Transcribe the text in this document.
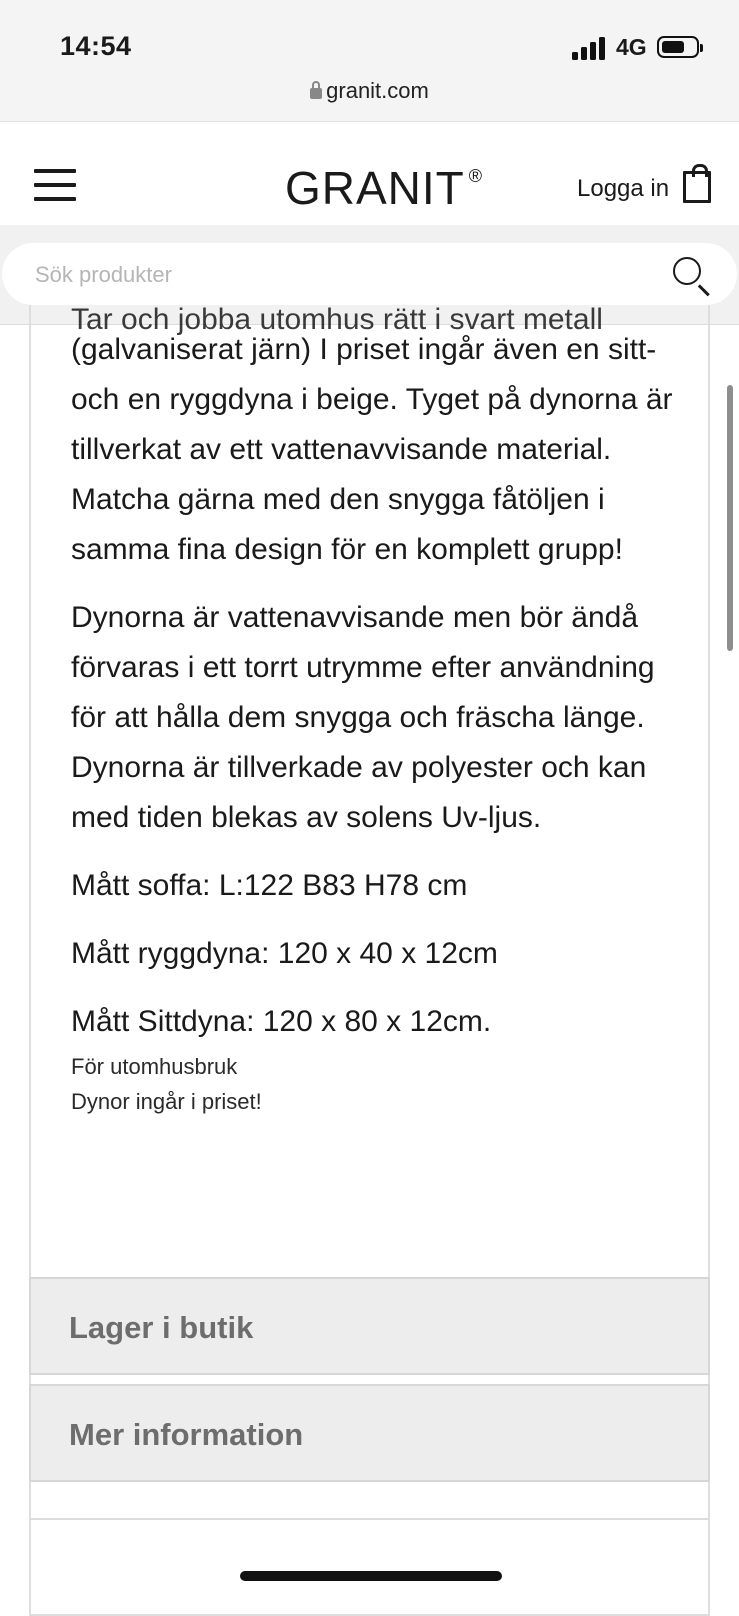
14:54	4G
granit.com
GRANIT ®	Logga in
Sök produkter
Tar och jobba utomhus rätt i svart metall

(galvaniserat järn) I priset ingår även en sitt-och en ryggdyna i beige. Tyget på dynorna är tillverkat av ett vattenavvisande material. Matcha gärna med den snygga fåtöljen i samma fina design för en komplett grupp!

Dynorna är vattenavvisande men bör ändå förvaras i ett torrt utrymme efter användning för att hålla dem snygga och fräscha länge. Dynorna är tillverkade av polyester och kan med tiden blekas av solens Uv-ljus.

Mått soffa: L:122 B83 H78 cm

Mått ryggdyna: 120 x 40 x 12cm

Mått Sittdyna: 120 x 80 x 12cm.

För utomhusbruk

Dynor ingår i priset!

Lager i butik
Mer information
